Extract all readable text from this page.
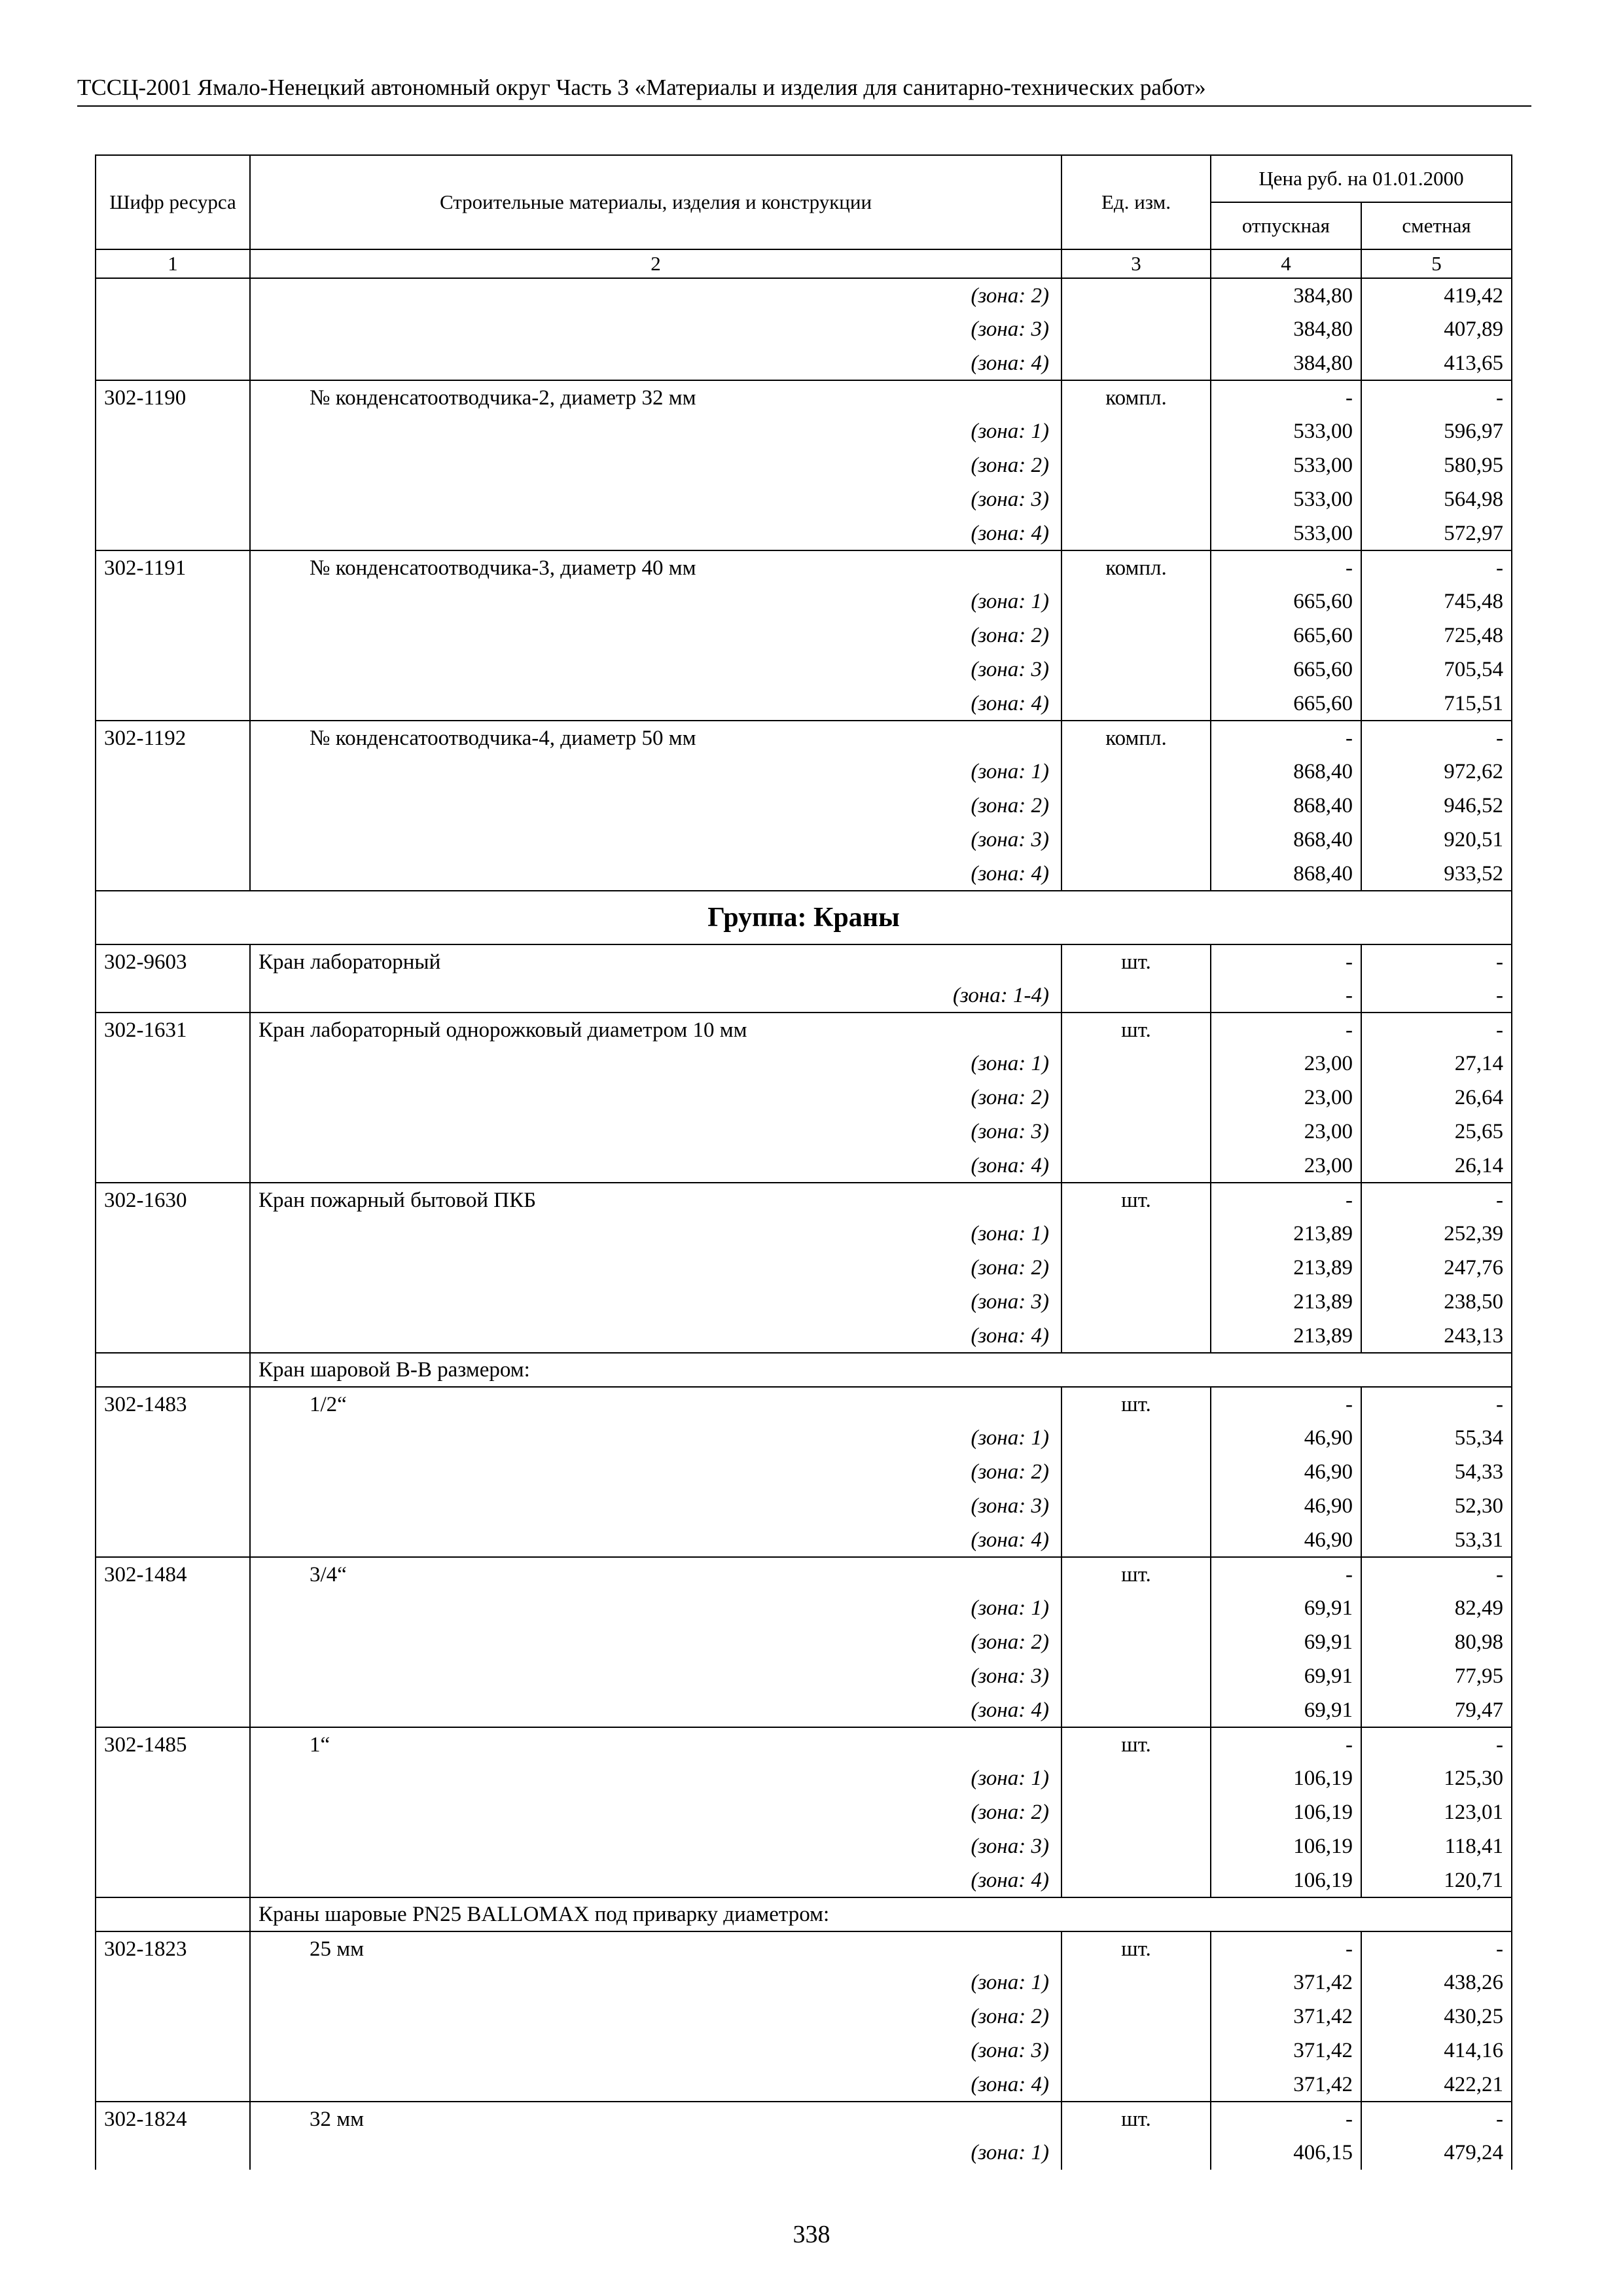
ТССЦ-2001 Ямало-Ненецкий автономный округ Часть 3 «Материалы и изделия для санитарно-технических работ»
Шифр ресурса	Строительные материалы, изделия и конструкции	Ед. изм.	Цена руб. на 01.01.2000	
			отпускная	сметная
1	2	3	4	5
	(зона: 2)		384,80	419,42
	(зона: 3)		384,80	407,89
	(зона: 4)		384,80	413,65
302-1190	№ конденсатоотводчика-2, диаметр 32 мм	компл.	-	-
	(зона: 1)		533,00	596,97
	(зона: 2)		533,00	580,95
	(зона: 3)		533,00	564,98
	(зона: 4)		533,00	572,97
302-1191	№ конденсатоотводчика-3, диаметр 40 мм	компл.	-	-
	(зона: 1)		665,60	745,48
	(зона: 2)		665,60	725,48
	(зона: 3)		665,60	705,54
	(зона: 4)		665,60	715,51
302-1192	№ конденсатоотводчика-4, диаметр 50 мм	компл.	-	-
	(зона: 1)		868,40	972,62
	(зона: 2)		868,40	946,52
	(зона: 3)		868,40	920,51
	(зона: 4)		868,40	933,52
Группа: Краны				
302-9603	Кран лабораторный	шт.	-	-
	(зона: 1-4)		-	-
302-1631	Кран лабораторный однорожковый диаметром 10 мм	шт.	-	-
	(зона: 1)		23,00	27,14
	(зона: 2)		23,00	26,64
	(зона: 3)		23,00	25,65
	(зона: 4)		23,00	26,14
302-1630	Кран пожарный бытовой ПКБ	шт.	-	-
	(зона: 1)		213,89	252,39
	(зона: 2)		213,89	247,76
	(зона: 3)		213,89	238,50
	(зона: 4)		213,89	243,13
	Кран шаровой В-В размером:			
302-1483	1/2“	шт.	-	-
	(зона: 1)		46,90	55,34
	(зона: 2)		46,90	54,33
	(зона: 3)		46,90	52,30
	(зона: 4)		46,90	53,31
302-1484	3/4“	шт.	-	-
	(зона: 1)		69,91	82,49
	(зона: 2)		69,91	80,98
	(зона: 3)		69,91	77,95
	(зона: 4)		69,91	79,47
302-1485	1“	шт.	-	-
	(зона: 1)		106,19	125,30
	(зона: 2)		106,19	123,01
	(зона: 3)		106,19	118,41
	(зона: 4)		106,19	120,71
	Краны шаровые PN25 BALLOMAX под приварку диаметром:			
302-1823	25 мм	шт.	-	-
	(зона: 1)		371,42	438,26
	(зона: 2)		371,42	430,25
	(зона: 3)		371,42	414,16
	(зона: 4)		371,42	422,21
302-1824	32 мм	шт.	-	-
	(зона: 1)		406,15	479,24
338
